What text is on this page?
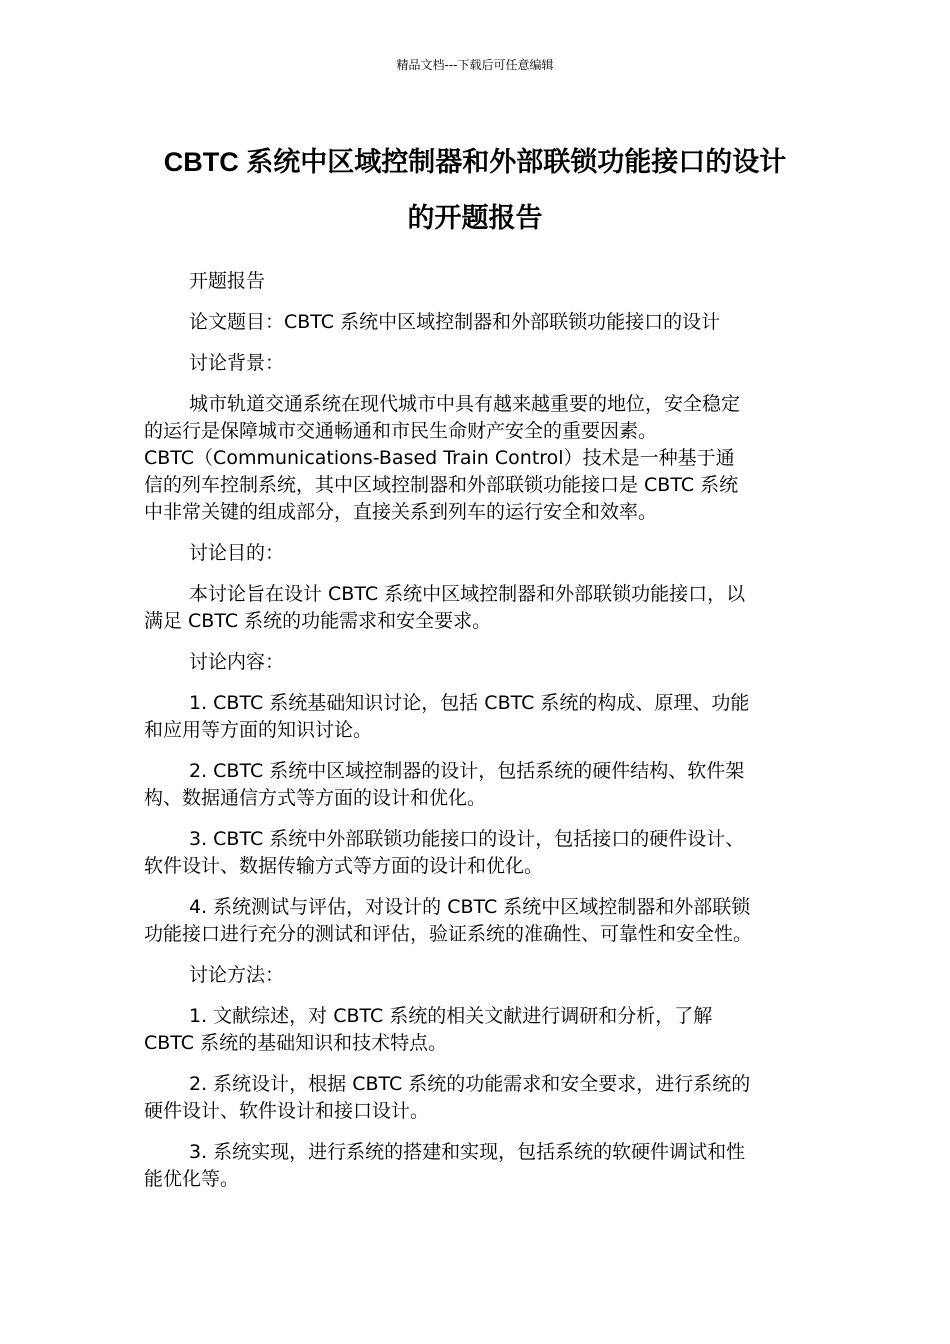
精品文档---下载后可任意编辑
CBTC 系统中区域控制器和外部联锁功能接口的设计
的开题报告

开题报告

论文题目：CBTC 系统中区域控制器和外部联锁功能接口的设计

讨论背景：

城市轨道交通系统在现代城市中具有越来越重要的地位，安全稳定
的运行是保障城市交通畅通和市民生命财产安全的重要因素。

CBTC（Communications-Based Train Control）技术是一种基于通
信的列车控制系统，其中区域控制器和外部联锁功能接口是 CBTC 系统
中非常关键的组成部分，直接关系到列车的运行安全和效率。

讨论目的：

本讨论旨在设计 CBTC 系统中区域控制器和外部联锁功能接口，以
满足 CBTC 系统的功能需求和安全要求。

讨论内容：

1. CBTC 系统基础知识讨论，包括 CBTC 系统的构成、原理、功能
和应用等方面的知识讨论。

2. CBTC 系统中区域控制器的设计，包括系统的硬件结构、软件架
构、数据通信方式等方面的设计和优化。

3. CBTC 系统中外部联锁功能接口的设计，包括接口的硬件设计、
软件设计、数据传输方式等方面的设计和优化。

4. 系统测试与评估，对设计的 CBTC 系统中区域控制器和外部联锁
功能接口进行充分的测试和评估，验证系统的准确性、可靠性和安全性。

讨论方法：

1. 文献综述，对 CBTC 系统的相关文献进行调研和分析，了解
CBTC 系统的基础知识和技术特点。

2. 系统设计，根据 CBTC 系统的功能需求和安全要求，进行系统的
硬件设计、软件设计和接口设计。

3. 系统实现，进行系统的搭建和实现，包括系统的软硬件调试和性
能优化等。
